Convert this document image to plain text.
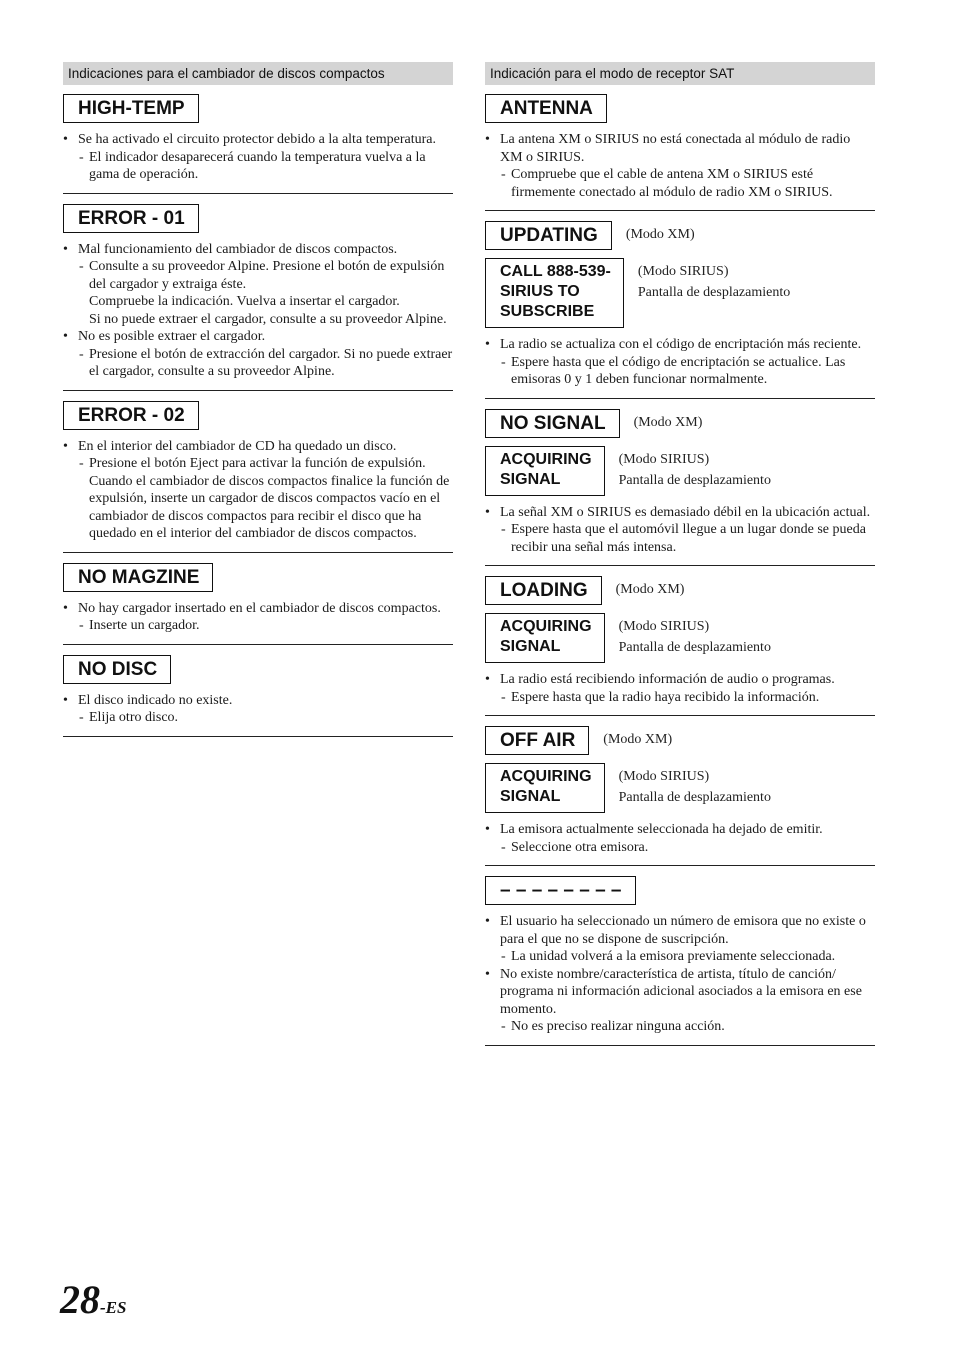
Indicaciones para el cambiador de discos compactos
HIGH-TEMP
• Se ha activado el circuito protector debido a la alta temperatura.
- El indicador desaparecerá cuando la temperatura vuelva a la gama de operación.
ERROR - 01
• Mal funcionamiento del cambiador de discos compactos.
- Consulte a su proveedor Alpine. Presione el botón de expulsión del cargador y extraiga éste.
Compruebe la indicación. Vuelva a insertar el cargador.
Si no puede extraer el cargador, consulte a su proveedor Alpine.
• No es posible extraer el cargador.
- Presione el botón de extracción del cargador. Si no puede extraer el cargador, consulte a su proveedor Alpine.
ERROR - 02
• En el interior del cambiador de CD ha quedado un disco.
- Presione el botón Eject para activar la función de expulsión. Cuando el cambiador de discos compactos finalice la función de expulsión, inserte un cargador de discos compactos vacío en el cambiador de discos compactos para recibir el disco que ha quedado en el interior del cambiador de discos compactos.
NO MAGZINE
• No hay cargador insertado en el cambiador de discos compactos.
- Inserte un cargador.
NO DISC
• El disco indicado no existe.
- Elija otro disco.
Indicación para el modo de receptor SAT
ANTENNA
• La antena XM o SIRIUS no está conectada al módulo de radio XM o SIRIUS.
- Compruebe que el cable de antena XM o SIRIUS esté firmemente conectado al módulo de radio XM o SIRIUS.
UPDATING	(Modo XM)
CALL 888-539-
SIRIUS TO
SUBSCRIBE
(Modo SIRIUS)
Pantalla de desplazamiento
• La radio se actualiza con el código de encriptación más reciente.
- Espere hasta que el código de encriptación se actualice. Las emisoras 0 y 1 deben funcionar normalmente.
NO SIGNAL	(Modo XM)
ACQUIRING
SIGNAL
(Modo SIRIUS)
Pantalla de desplazamiento
• La señal XM o SIRIUS es demasiado débil en la ubicación actual.
- Espere hasta que el automóvil llegue a un lugar donde se pueda recibir una señal más intensa.
LOADING	(Modo XM)
ACQUIRING
SIGNAL
(Modo SIRIUS)
Pantalla de desplazamiento
• La radio está recibiendo información de audio o programas.
- Espere hasta que la radio haya recibido la información.
OFF AIR	(Modo XM)
ACQUIRING
SIGNAL
(Modo SIRIUS)
Pantalla de desplazamiento
• La emisora actualmente seleccionada ha dejado de emitir.
- Seleccione otra emisora.
– – – – – – – –
• El usuario ha seleccionado un número de emisora que no existe o para el que no se dispone de suscripción.
- La unidad volverá a la emisora previamente seleccionada.
• No existe nombre/característica de artista, título de canción/ programa ni información adicional asociados a la emisora en ese momento.
- No es preciso realizar ninguna acción.
28-ES
